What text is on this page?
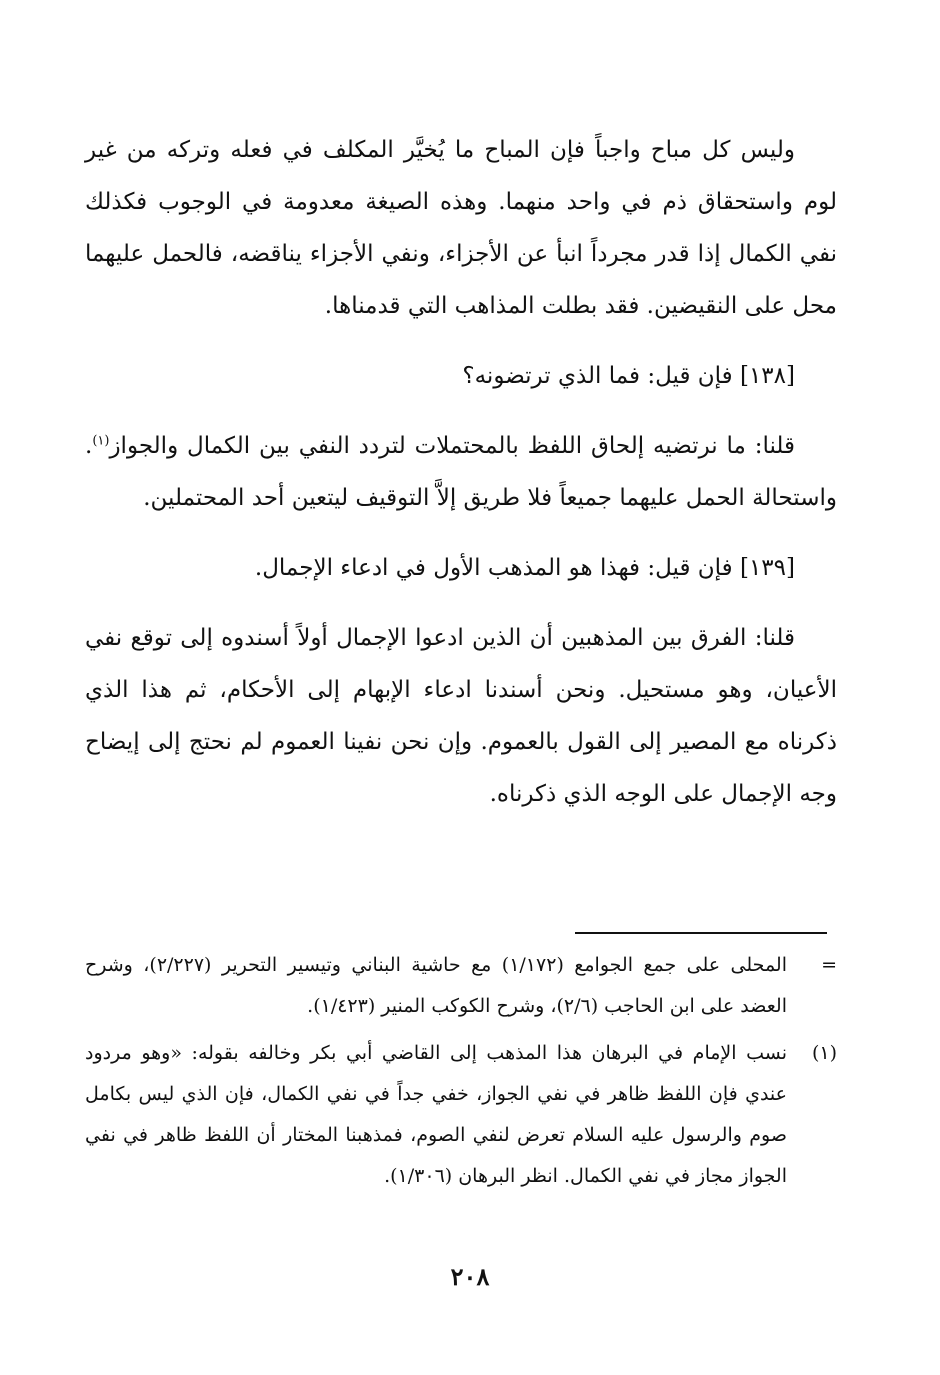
وليس كل مباح واجباً فإن المباح ما يُخيَّر المكلف في فعله وتركه من غير لوم واستحقاق ذم في واحد منهما. وهذه الصيغة معدومة في الوجوب فكذلك نفي الكمال إذا قدر مجرداً انبأ عن الأجزاء، ونفي الأجزاء يناقضه، فالحمل عليهما محل على النقيضين. فقد بطلت المذاهب التي قدمناها.

[١٣٨] فإن قيل: فما الذي ترتضونه؟

قلنا: ما نرتضيه إلحاق اللفظ بالمحتملات لتردد النفي بين الكمال والجواز$^{(١)}$. واستحالة الحمل عليهما جميعاً فلا طريق إلاَّ التوقيف ليتعين أحد المحتملين.

[١٣٩] فإن قيل: فهذا هو المذهب الأول في ادعاء الإجمال.

قلنا: الفرق بين المذهبين أن الذين ادعوا الإجمال أولاً أسندوه إلى توقع نفي الأعيان، وهو مستحيل. ونحن أسندنا ادعاء الإبهام إلى الأحكام، ثم هذا الذي ذكرناه مع المصير إلى القول بالعموم. وإن نحن نفينا العموم لم نحتج إلى إيضاح وجه الإجمال على الوجه الذي ذكرناه.

=
المحلى على جمع الجوامع (١/١٧٢) مع حاشية البناني وتيسير التحرير (٢/٢٢٧)، وشرح العضد على ابن الحاجب (٢/٦)، وشرح الكوكب المنير (١/٤٢٣).
(١)
نسب الإمام في البرهان هذا المذهب إلى القاضي أبي بكر وخالفه بقوله: «وهو مردود عندي فإن اللفظ ظاهر في نفي الجواز، خفي جداً في نفي الكمال، فإن الذي ليس بكامل صوم والرسول عليه السلام تعرض لنفي الصوم، فمذهبنا المختار أن اللفظ ظاهر في نفي الجواز مجاز في نفي الكمال. انظر البرهان (١/٣٠٦).
٢٠٨
